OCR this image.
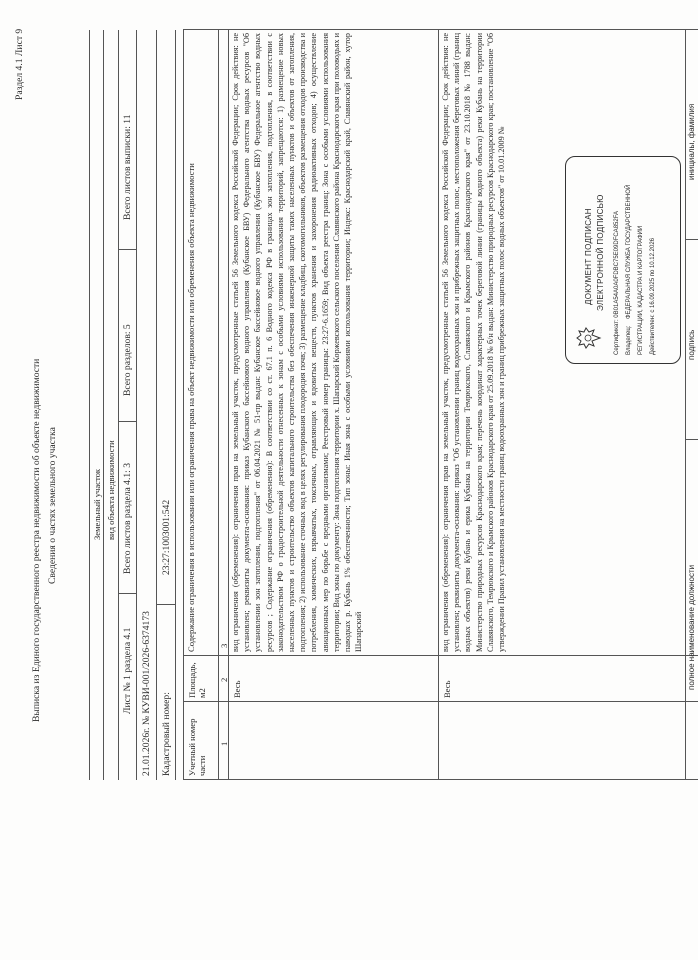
Раздел 4.1 Лист 9
Выписка из Единого государственного реестра недвижимости об объекте недвижимости Сведения о частях земельного участка	Земельный участок вид объекта недвижимости
Лист № 1 раздела 4.1
Всего листов раздела 4.1: 3
Всего разделов: 5
Всего листов выписки: 11
21.01.2026г. № КУВИ-001/2026-6374173 Кадастровый номер:
23:27:1003001:542
Учетный номер части
Площадь, м2
Содержание ограничения в использовании или ограничения права на объект недвижимости или обременения объекта недвижимости
1
2
3
Весь
вид ограничения (обременения): ограничения прав на земельный участок, предусмотренные статьей 56 Земельного кодекса Российской Федерации; Срок действия: не установлен; реквизиты документа-основания: приказ Кубанского бассейнового водного управления (Кубанское БВУ) Федерального агентства водных ресурсов "Об установлении зон затопления, подтопления" от 06.04.2021 № 51-пр выдан: Кубанское бассейновое водного управления (Кубанское БВУ) Федеральное агентство водных ресурсов ; Содержание ограничения (обременения): В соответствии со ст. 67.1 п. 6 Водного кодекса РФ в границах зон затопления, подтопления, в соответствии с законодательством РФ о градостроительной деятельности отнесенных к зонам с особыми условиями использования территорий, запрещаются: 1) размещение новых населенных пунктов и строительство объектов капитального строительства без обеспечения инженерной защиты таких населенных пунктов и объектов от затопления, подтопления; 2) использование сточных вод в целях регулирования плодородия почв; 3) размещение кладбищ, скотомогильников, объектов размещения отходов производства и потребления, химических, взрывчатых, токсичных, отравляющих и ядовитых веществ, пунктов хранения и захоронения радиоактивных отходов; 4) осуществление авиационных мер по борьбе с вредными организмами; Реестровый номер границы: 23:27-6.1659; Вид объекта реестра границ: Зона с особыми условиями использования территории; Вид зоны по документу: Зона подтопления территории х. Шапарский Коржевского сельского поселения Славянского района Краснодарского края при половодьях и паводках р. Кубань 1% обеспеченности; Тип зоны: Иная зона с особыми условиями использования территории; Индекс: Краснодарский край, Славянский район, хутор Шапарский
Весь
вид ограничения (обременения): ограничения прав на земельный участок, предусмотренные статьей 56 Земельного кодекса Российской Федерации; Срок действия: не установлен; реквизиты документа-основания: приказ "Об установлении границ водоохранных зон и прибрежных защитных полос, местоположения береговых линий (границ водных объектов) реки Кубань и ерика Кубанка на территории Темрюкского, Славянского и Крымского районов Краснодарского края" от 23.10.2018 № 1788 выдан: Министерство природных ресурсов Краснодарского края; перечень координат характерных точек береговой линии (границы водного объекта) реки Кубань на территории Славянского, Темрюкского и Крымского районов Краснодарского края от 25.09.2018 № б/н выдан: Министерство природных ресурсов Краснодарского края; постановление "Об утверждении Правил установления на местности границ водоохранных зон и границ прибрежных защитных полос водных объектов" от 10.01.2009 №	ДОКУМЕНТ ПОДПИСАН ЭЛЕКТРОННОЙ ПОДПИСЬЮ Сертификат: 0B01A54A0A0FDBC75E09DFCA852FA Владелец:
ФЕДЕРАЛЬНАЯ СЛУЖБА ГОСУДАРСТВЕННОЙ РЕГИСТРАЦИИ, КАДАСТРА И КАРТОГРАФИИ Действителен: с 16.09.2025 по 10.12.2026
полное наименование должности
подпись
инициалы, фамилия
